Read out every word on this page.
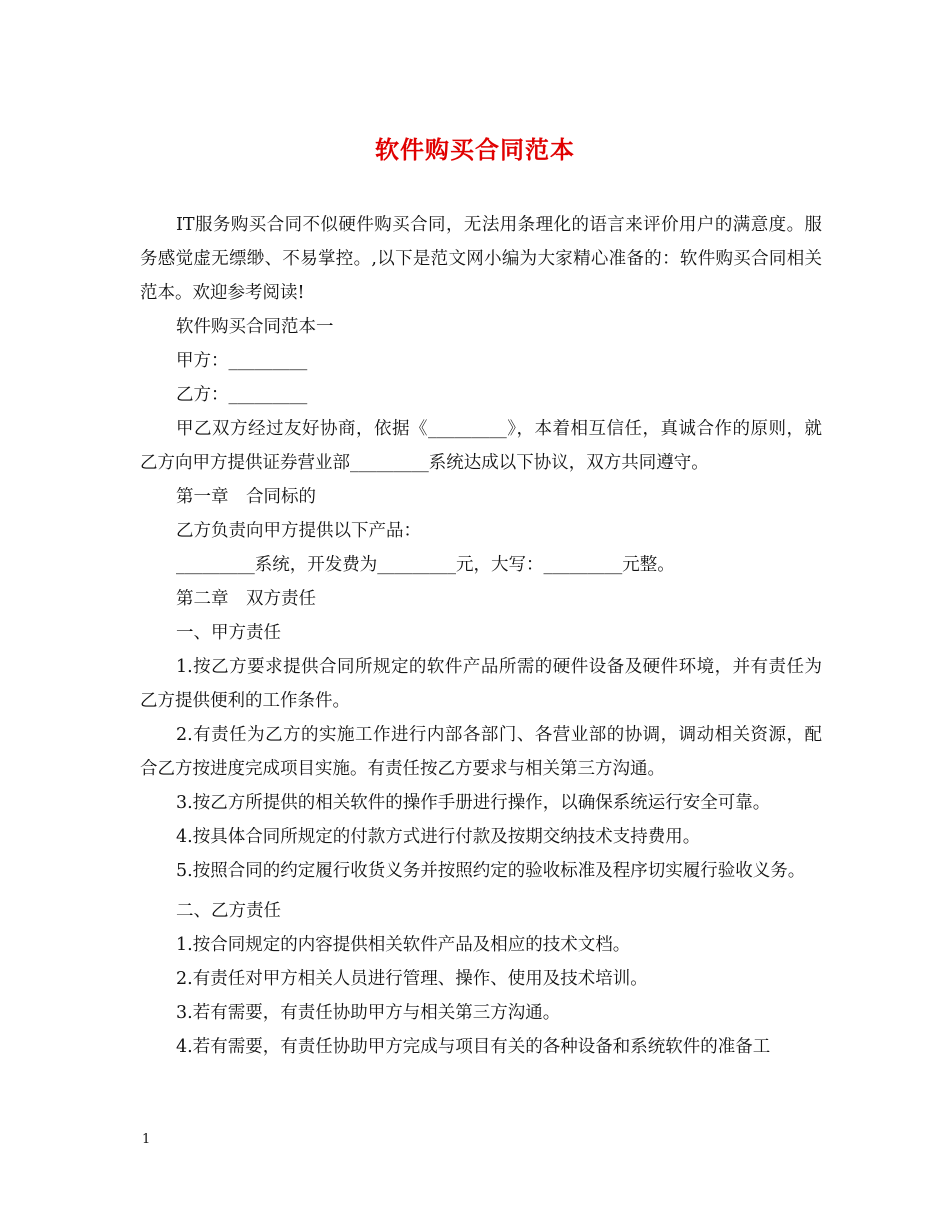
软件购买合同范本

IT服务购买合同不似硬件购买合同，无法用条理化的语言来评价用户的满意度。服务感觉虚无缥缈、不易掌控。,以下是范文网小编为大家精心准备的：软件购买合同相关范本。欢迎参考阅读!

软件购买合同范本一

甲方：_________

乙方：_________

甲乙双方经过友好协商，依据《_________》，本着相互信任，真诚合作的原则，就乙方向甲方提供证券营业部_________系统达成以下协议，双方共同遵守。

第一章　合同标的

乙方负责向甲方提供以下产品：

_________系统，开发费为_________元，大写：_________元整。

第二章　双方责任

一、甲方责任

1.按乙方要求提供合同所规定的软件产品所需的硬件设备及硬件环境，并有责任为乙方提供便利的工作条件。

2.有责任为乙方的实施工作进行内部各部门、各营业部的协调，调动相关资源，配合乙方按进度完成项目实施。有责任按乙方要求与相关第三方沟通。

3.按乙方所提供的相关软件的操作手册进行操作，以确保系统运行安全可靠。

4.按具体合同所规定的付款方式进行付款及按期交纳技术支持费用。

5.按照合同的约定履行收货义务并按照约定的验收标准及程序切实履行验收义务。

二、乙方责任

1.按合同规定的内容提供相关软件产品及相应的技术文档。

2.有责任对甲方相关人员进行管理、操作、使用及技术培训。

3.若有需要，有责任协助甲方与相关第三方沟通。

4.若有需要，有责任协助甲方完成与项目有关的各种设备和系统软件的准备工

1
